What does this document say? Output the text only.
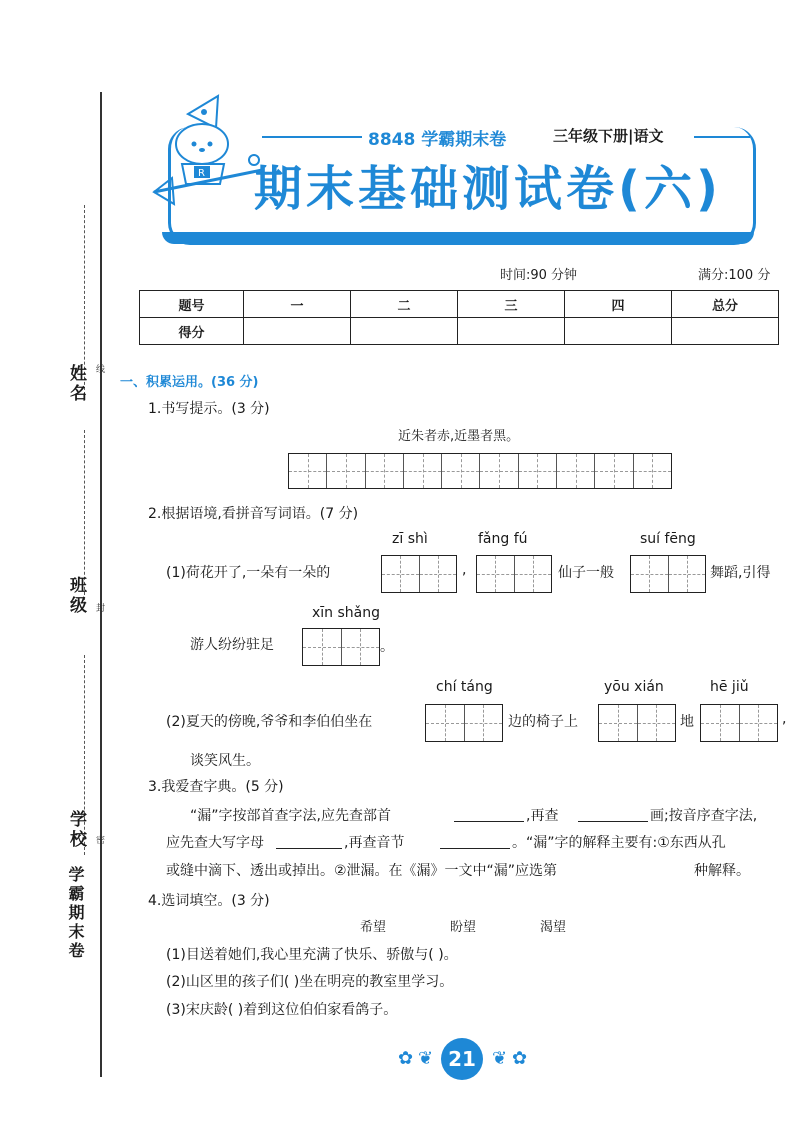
姓名
班级
学校
学霸期末卷
线
封
密
8848 学霸期末卷	三年级下册|语文
期末基础测试卷(六)
R
时间:90 分钟	满分:100 分
题号	一	二	三	四	总分
得分					
一、积累运用。(36 分)
1.书写提示。(3 分)
近朱者赤,近墨者黑。
2.根据语境,看拼音写词语。(7 分)
zī shì	fǎng fú	suí fēng
(1)荷花开了,一朵有一朵的	,	仙子一般	舞蹈,引得
xīn shǎng
游人纷纷驻足	。
chí táng	yōu xián	hē jiǔ
(2)夏天的傍晚,爷爷和李伯伯坐在	边的椅子上	地	,
谈笑风生。
3.我爱查字典。(5 分)
“漏”字按部首查字法,应先查部首	,再查	画;按音序查字法,
应先查大写字母	,再查音节	。“漏”字的解释主要有:①东西从孔
或缝中滴下、透出或掉出。②泄漏。在《漏》一文中“漏”应选第	种解释。
4.选词填空。(3 分)
希望	盼望	渴望
(1)目送着她们,我心里充满了快乐、骄傲与( )。
(2)山区里的孩子们( )坐在明亮的教室里学习。
(3)宋庆龄( )着到这位伯伯家看鸽子。
✿ ❦ 21 ❦ ✿
